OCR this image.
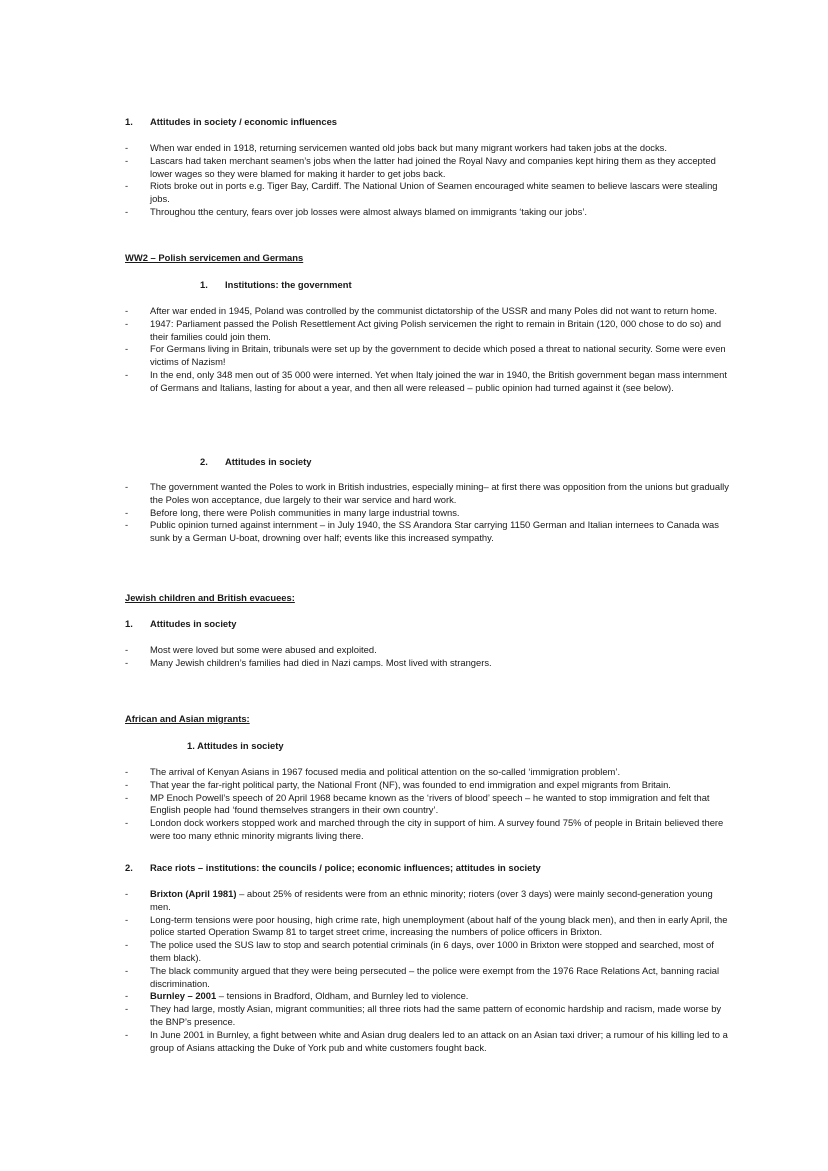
1. Attitudes in society / economic influences
- When war ended in 1918, returning servicemen wanted old jobs back but many migrant workers had taken jobs at the docks.
- Lascars had taken merchant seamen’s jobs when the latter had joined the Royal Navy and companies kept hiring them as they accepted lower wages so they were blamed for making it harder to get jobs back.
- Riots broke out in ports e.g. Tiger Bay, Cardiff. The National Union of Seamen encouraged white seamen to believe lascars were stealing jobs.
- Throughou tthe century, fears over job losses were almost always blamed on immigrants ‘taking our jobs’.
WW2 – Polish servicemen and Germans
1. Institutions: the government
- After war ended in 1945, Poland was controlled by the communist dictatorship of the USSR and many Poles did not want to return home.
- 1947: Parliament passed the Polish Resettlement Act giving Polish servicemen the right to remain in Britain (120, 000 chose to do so) and their families could join them.
- For Germans living in Britain, tribunals were set up by the government to decide which posed a threat to national security. Some were even victims of Nazism!
- In the end, only 348 men out of 35 000 were interned. Yet when Italy joined the war in 1940, the British government began mass internment of Germans and Italians, lasting for about a year, and then all were released – public opinion had turned against it (see below).
2. Attitudes in society
- The government wanted the Poles to work in British industries, especially mining– at first there was opposition from the unions but gradually the Poles won acceptance, due largely to their war service and hard work.
- Before long, there were Polish communities in many large industrial towns.
- Public opinion turned against internment – in July 1940, the SS Arandora Star carrying 1150 German and Italian internees to Canada was sunk by a German U-boat, drowning over half; events like this increased sympathy.
Jewish children and British evacuees:
1. Attitudes in society
- Most were loved but some were abused and exploited.
- Many Jewish children’s families had died in Nazi camps. Most lived with strangers.
African and Asian migrants:
1. Attitudes in society
- The arrival of Kenyan Asians in 1967 focused media and political attention on the so-called ‘immigration problem’.
- That year the far-right political party, the National Front (NF), was founded to end immigration and expel migrants from Britain.
- MP Enoch Powell’s speech of 20 April 1968 became known as the ‘rivers of blood’ speech – he wanted to stop immigration and felt that English people had ‘found themselves strangers in their own country’.
- London dock workers stopped work and marched through the city in support of him. A survey found 75% of people in Britain believed there were too many ethnic minority migrants living there.
2. Race riots – institutions: the councils / police; economic influences; attitudes in society
- Brixton (April 1981) – about 25% of residents were from an ethnic minority; rioters (over 3 days) were mainly second-generation young men.
- Long-term tensions were poor housing, high crime rate, high unemployment (about half of the young black men), and then in early April, the police started Operation Swamp 81 to target street crime, increasing the numbers of police officers in Brixton.
- The police used the SUS law to stop and search potential criminals (in 6 days, over 1000 in Brixton were stopped and searched, most of them black).
- The black community argued that they were being persecuted – the police were exempt from the 1976 Race Relations Act, banning racial discrimination.
- Burnley – 2001 – tensions in Bradford, Oldham, and Burnley led to violence.
- They had large, mostly Asian, migrant communities; all three riots had the same pattern of economic hardship and racism, made worse by the BNP’s presence.
- In June 2001 in Burnley, a fight between white and Asian drug dealers led to an attack on an Asian taxi driver; a rumour of his killing led to a group of Asians attacking the Duke of York pub and white customers fought back.
